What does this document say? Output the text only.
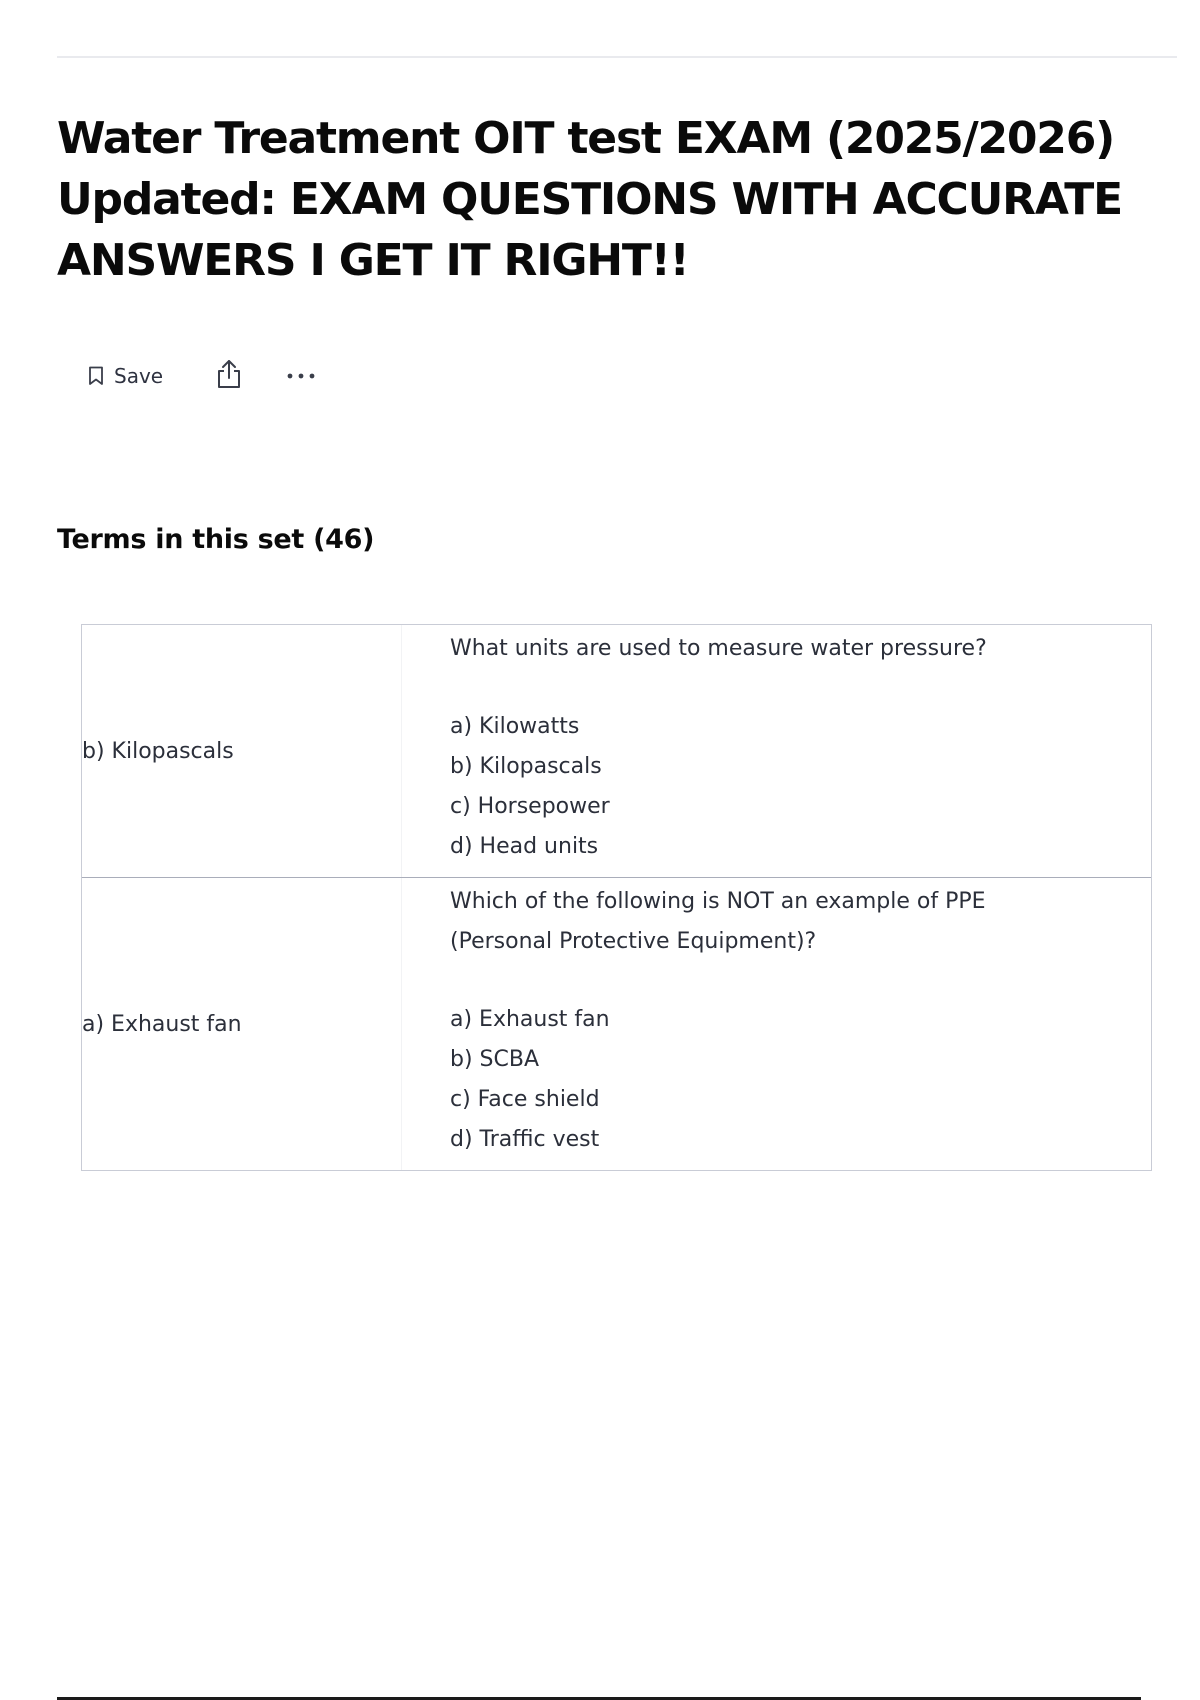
Water Treatment OIT test EXAM (2025/2026) Updated: EXAM QUESTIONS WITH ACCURATE ANSWERS I GET IT RIGHT!!
Save
Terms in this set (46)
b) Kilopascals

What units are used to measure water pressure?

a) Kilowatts

b) Kilopascals

c) Horsepower

d) Head units

a) Exhaust fan

Which of the following is NOT an example of PPE

(Personal Protective Equipment)?

a) Exhaust fan

b) SCBA

c) Face shield

d) Traffic vest
